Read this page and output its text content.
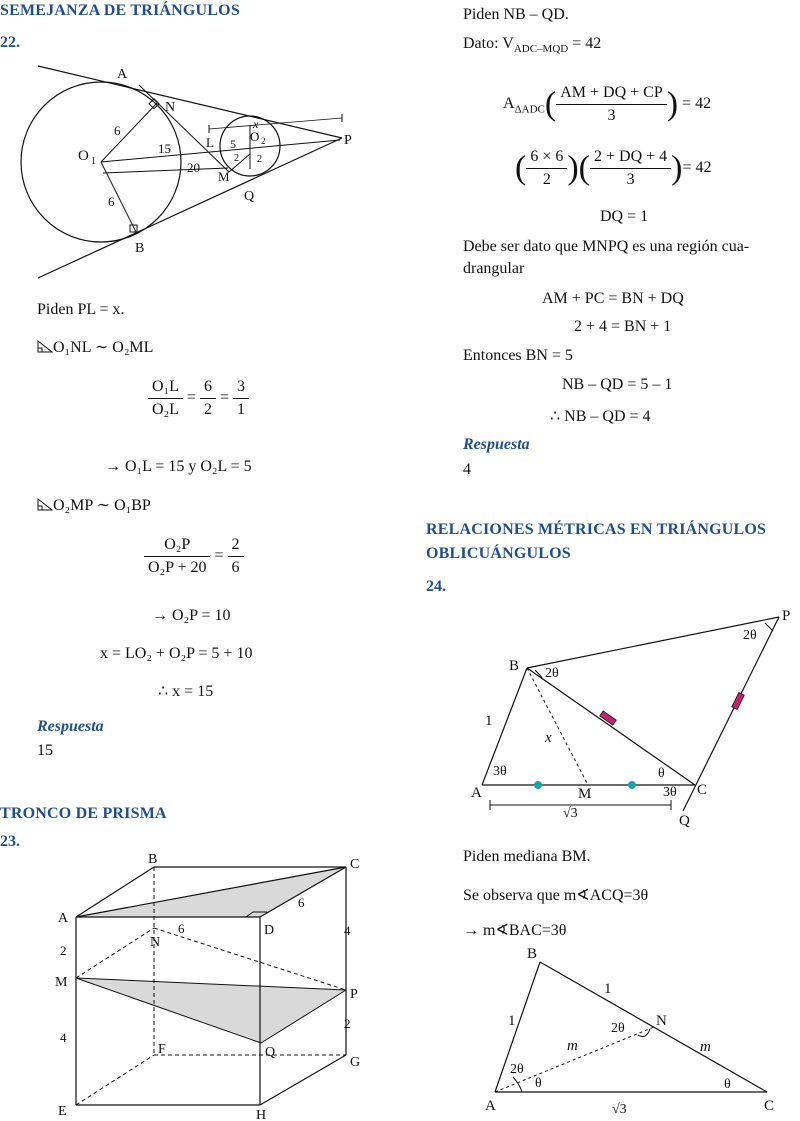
SEMEJANZA DE TRIÁNGULOS
22.
A
N
O 1
L	O 2
M
Q
P
B
6
6
15
20
5
2 2
x
Piden PL = x.
O₁NL ∼ O₂ML
$\frac{\text{O₁L}}{\text{O₂L}} = \frac{6}{2} = \frac{3}{1}$
→ O₁L = 15 y O₂L = 5
O₂MP ∼ O₁BP
$\frac{\text{O₂P}}{\text{O₂P + 20}} = \frac{2}{6}$
→ O₂P = 10
x = LO₂ + O₂P = 5 + 10
∴ x = 15
Respuesta
15
TRONCO DE PRISMA
23.
B	C
A
D
N
M
P
Q
F
G
E	H
6
6
2
4
4
2
Piden NB – QD.
Dato: $V_{ADC-MQD} = 42$
$A_{\Delta ADC}( \frac{AM + DQ + CP}{3}$ ) = 42
( $\frac{6 \times 6}{2}$ )( $\frac{2 + DQ + 4}{3}$ )= 42
DQ = 1
Debe ser dato que MNPQ es una región cua-
drangular
AM + PC = BN + DQ
2 + 4 = BN + 1
Entonces BN = 5
NB – QD = 5 – 1
∴ NB – QD = 4
Respuesta
4
RELACIONES MÉTRICAS EN TRIÁNGULOS
OBLICUÁNGULOS
24.
B
P
A	M	C
Q
1
x
2θ
2θ
3θ	θ
3θ
√3
Piden mediana BM.
Se observa que m∢ACQ=3θ
→ m∢BAC=3θ
B
N
A	C
1
1
m	m
2θ
2θ
θ	θ
√3
